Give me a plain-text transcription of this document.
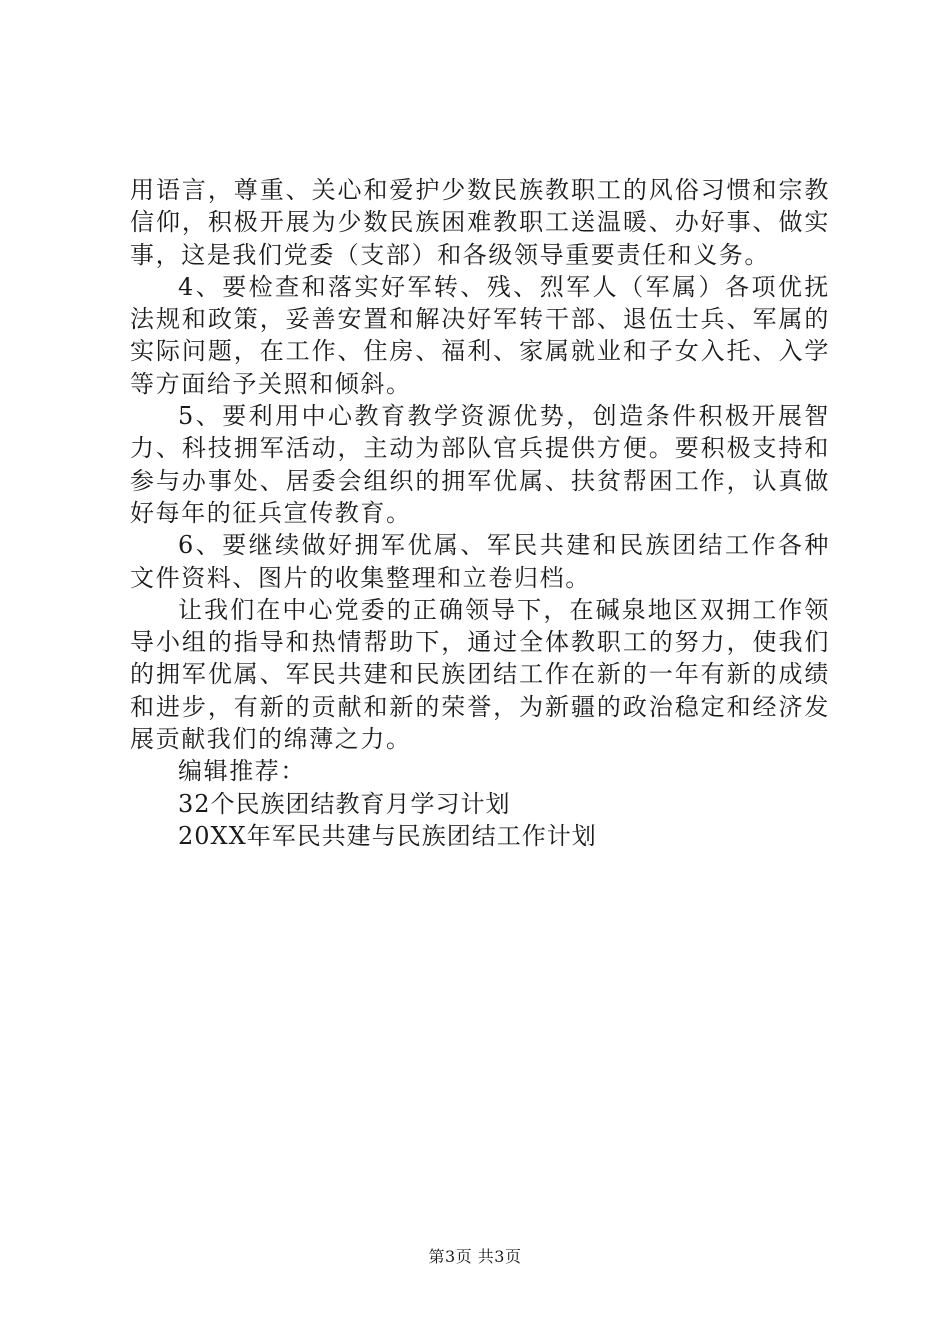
用语言，尊重、关心和爱护少数民族教职工的风俗习惯和宗教信仰，积极开展为少数民族困难教职工送温暖、办好事、做实事，这是我们党委（支部）和各级领导重要责任和义务。

4、要检查和落实好军转、残、烈军人（军属）各项优抚法规和政策，妥善安置和解决好军转干部、退伍士兵、军属的实际问题，在工作、住房、福利、家属就业和子女入托、入学等方面给予关照和倾斜。

5、要利用中心教育教学资源优势，创造条件积极开展智力、科技拥军活动，主动为部队官兵提供方便。要积极支持和参与办事处、居委会组织的拥军优属、扶贫帮困工作，认真做好每年的征兵宣传教育。

6、要继续做好拥军优属、军民共建和民族团结工作各种文件资料、图片的收集整理和立卷归档。

让我们在中心党委的正确领导下，在碱泉地区双拥工作领导小组的指导和热情帮助下，通过全体教职工的努力，使我们的拥军优属、军民共建和民族团结工作在新的一年有新的成绩和进步，有新的贡献和新的荣誉，为新疆的政治稳定和经济发展贡献我们的绵薄之力。

编辑推荐：

32个民族团结教育月学习计划

20XX年军民共建与民族团结工作计划

第3页 共3页
